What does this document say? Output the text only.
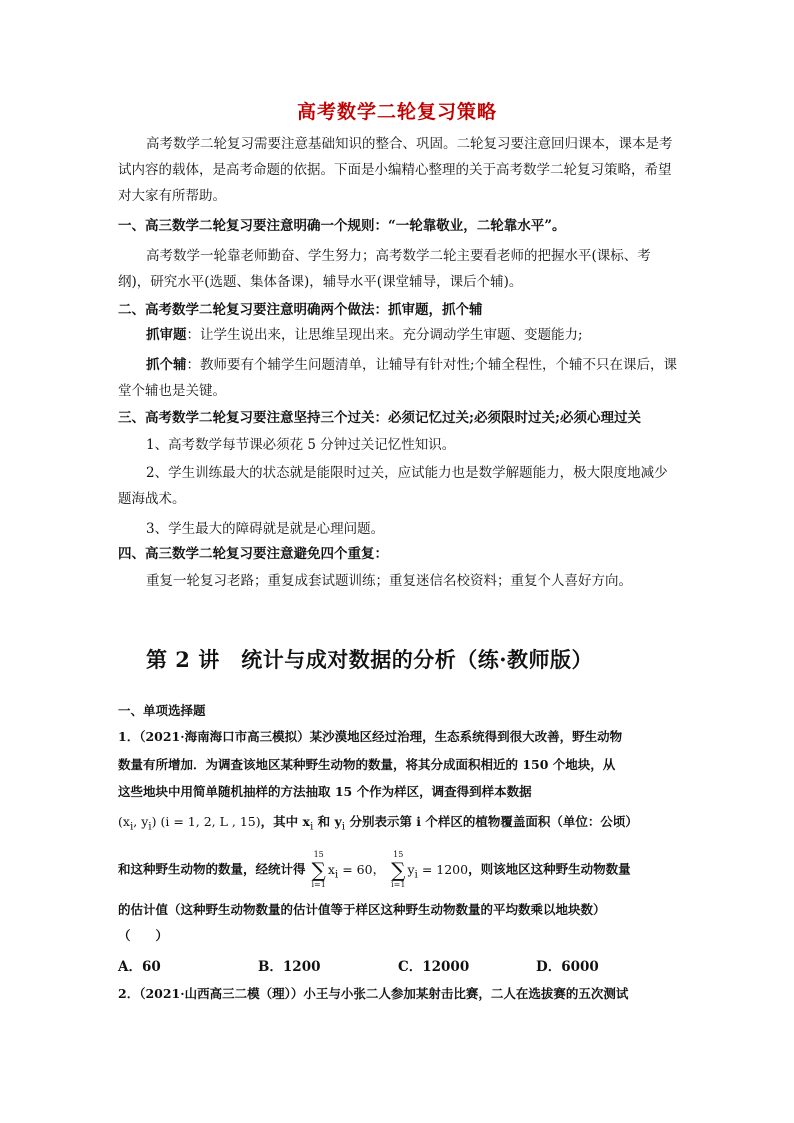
高考数学二轮复习策略
高考数学二轮复习需要注意基础知识的整合、巩固。二轮复习要注意回归课本，课本是考试内容的载体，是高考命题的依据。下面是小编精心整理的关于高考数学二轮复习策略，希望对大家有所帮助。
一、高三数学二轮复习要注意明确一个规则：“一轮靠敬业，二轮靠水平”。
高考数学一轮靠老师勤奋、学生努力；高考数学二轮主要看老师的把握水平(课标、考纲)，研究水平(选题、集体备课)，辅导水平(课堂辅导，课后个辅)。
二、高考数学二轮复习要注意明确两个做法：抓审题，抓个辅
抓审题：让学生说出来，让思维呈现出来。充分调动学生审题、变题能力;
抓个辅：教师要有个辅学生问题清单，让辅导有针对性;个辅全程性，个辅不只在课后，课堂个辅也是关键。
三、高考数学二轮复习要注意坚持三个过关：必须记忆过关;必须限时过关;必须心理过关
1、高考数学每节课必须花 5 分钟过关记忆性知识。
2、学生训练最大的状态就是能限时过关，应试能力也是数学解题能力，极大限度地减少题海战术。
3、学生最大的障碍就是就是心理问题。
四、高三数学二轮复习要注意避免四个重复：
重复一轮复习老路；重复成套试题训练；重复迷信名校资料；重复个人喜好方向。
第 2 讲　统计与成对数据的分析（练·教师版）
一、单项选择题
1．（2021·海南海口市高三模拟）某沙漠地区经过治理，生态系统得到很大改善，野生动物
数量有所增加．为调查该地区某种野生动物的数量，将其分成面积相近的 150 个地块，从
这些地块中用简单随机抽样的方法抽取 15 个作为样区，调查得到样本数据
($x_i$, $y_i$) (i = 1, 2, L , 15)，其中 $x_i$ 和 $y_i$ 分别表示第 i 个样区的植物覆盖面积（单位：公顷）
和这种野生动物的数量，经统计得
15
∑
i=1
$x_i = 60$，
15
∑
i=1
$y_i = 1200$，则该地区这种野生动物数量
的估计值（这种野生动物数量的估计值等于样区这种野生动物数量的平均数乘以地块数）
（　　）
A．60	B．1200	C．12000	D．6000
2．（2021·山西高三二模（理））小王与小张二人参加某射击比赛，二人在选拔赛的五次测试
